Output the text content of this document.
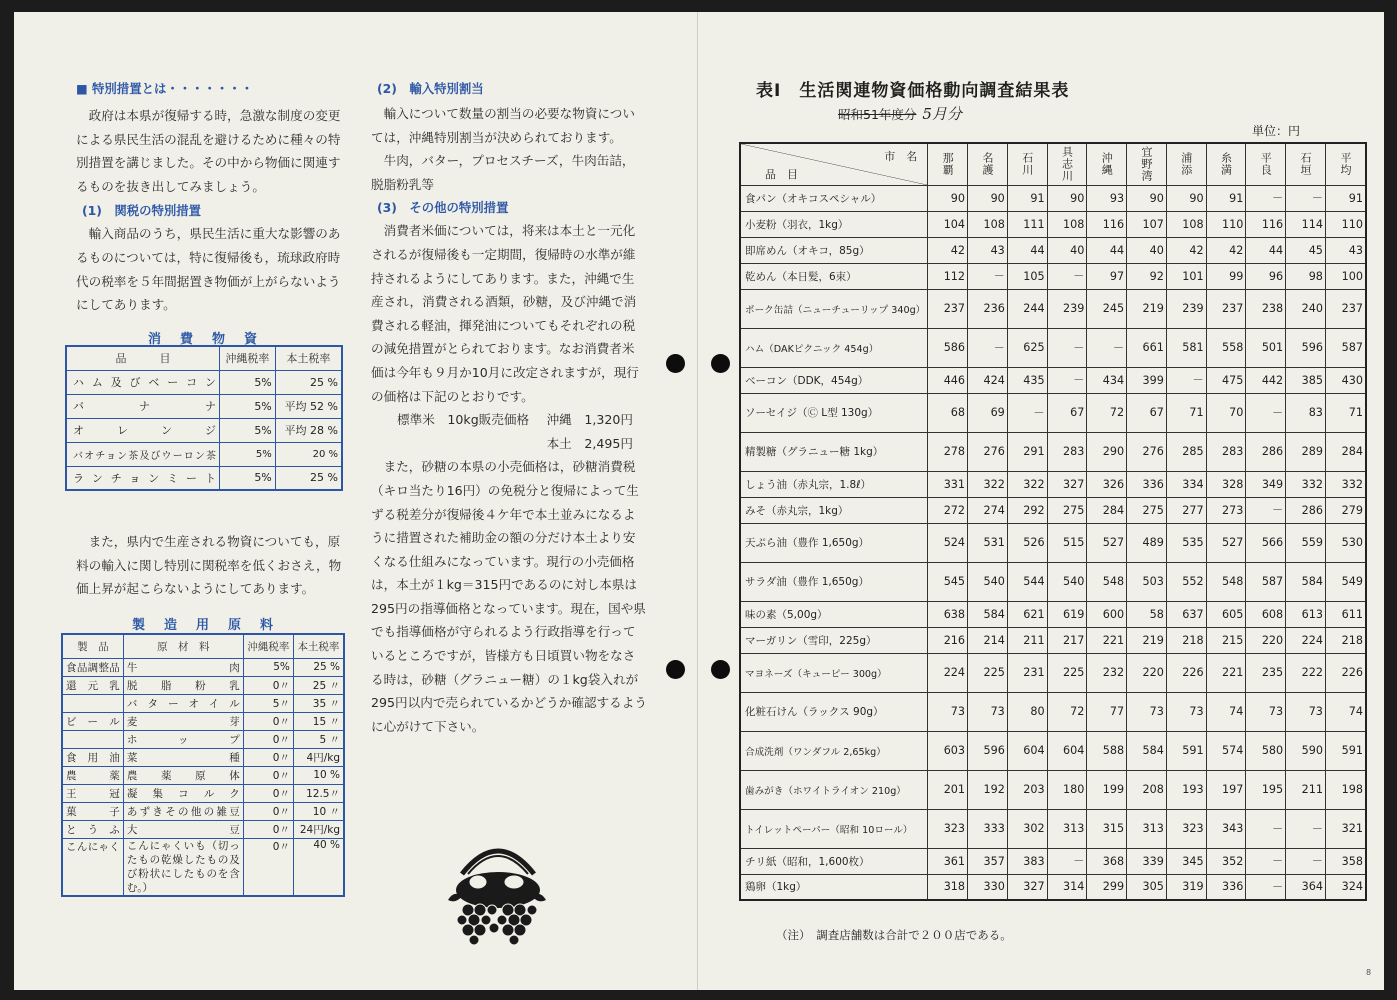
■ 特別措置とは・・・・・・・

政府は本県が復帰する時，急激な制度の変更による県民生活の混乱を避けるために種々の特別措置を講じました。その中から物価に関連するものを抜き出してみましょう。

(1)　関税の特別措置

輸入商品のうち，県民生活に重大な影響のあるものについては，特に復帰後も，琉球政府時代の税率を５年間据置き物価が上がらないようにしてあります。

消　費　物　資
品　　　目	沖縄税率	本土税率
ハム及びベーコン	5%	25 %
バナナ	5%	平均 52 %
オレンジ	5%	平均 28 %
バオチョン茶及びウーロン茶	5%	20 %
ランチョンミート	5%	25 %

また，県内で生産される物資についても，原料の輸入に関し特別に関税率を低くおさえ，物価上昇が起こらないようにしてあります。

製　造　用　原　料
製　品	原　材　料	沖縄税率	本土税率
食品調整品	牛肉	5%	25 %
還元乳	脱脂粉乳	0〃	25 〃
	バターオイル	5〃	35 〃
ビール	麦芽	0〃	15 〃
	ホップ	0〃	5 〃
食用油	菜種	0〃	4円/kg
農薬	農薬原体	0〃	10 %
王冠	凝集コルク	0〃	12.5〃
菓子	あずきその他の雑豆	0〃	10 〃
とうふ	大豆	0〃	24円/kg
こんにゃく	こんにゃくいも（切ったもの乾燥したもの及び粉状にしたものを含む。）	0〃	40 %
(2)　輸入特別割当

輸入について数量の割当の必要な物資については，沖縄特別割当が決められております。

牛肉，バター，プロセスチーズ，牛肉缶詰，脱脂粉乳等

(3)　その他の特別措置

消費者米価については，将来は本土と一元化されるが復帰後も一定期間，復帰時の水準が維持されるようにしてあります。また，沖縄で生産され，消費される酒類，砂糖，及び沖縄で消費される軽油，揮発油についてもそれぞれの税の減免措置がとられております。なお消費者米価は今年も９月か10月に改定されますが，現行の価格は下記のとおりです。

標準米　10kg販売価格 沖縄　1,320円
本土　2,495円

また，砂糖の本県の小売価格は，砂糖消費税（キロ当たり16円）の免税分と復帰によって生ずる税差分が復帰後４ケ年で本土並みになるように措置された補助金の額の分だけ本土より安くなる仕組みになっています。現行の小売価格は，本土が１kg＝315円であるのに対し本県は295円の指導価格となっています。現在，国や県でも指導価格が守られるよう行政指導を行っているところですが，皆様方も日頃買い物をなさる時は，砂糖（グラニュー糖）の１kg袋入れが295円以内で売られているかどうか確認するように心がけて下さい。

表Ⅰ　生活関連物資価格動向調査結果表
昭和51年度分 5月分
単位：円
市　名
品　目	那覇	名護	石川	具志川	沖縄	宜野湾	浦添	糸満	平良	石垣	平均
食パン（オキコスペシャル）	90	90	91	90	93	90	90	91	－	－	91
小麦粉（羽衣，1kg）	104	108	111	108	116	107	108	110	116	114	110
即席めん（オキコ，85g）	42	43	44	40	44	40	42	42	44	45	43
乾めん（本日髪，6束）	112	－	105	－	97	92	101	99	96	98	100
ポーク缶詰（ニューチューリップ 340g）	237	236	244	239	245	219	239	237	238	240	237
ハム（DAKピクニック 454g）	586	－	625	－	－	661	581	558	501	596	587
ベーコン（DDK，454g）	446	424	435	－	434	399	－	475	442	385	430
ソーセイジ（Ⓒ L型 130g）	68	69	－	67	72	67	71	70	－	83	71
精製糖（グラニュー糖 1kg）	278	276	291	283	290	276	285	283	286	289	284
しょう油（赤丸宗，1.8ℓ）	331	322	322	327	326	336	334	328	349	332	332
みそ（赤丸宗，1kg）	272	274	292	275	284	275	277	273	－	286	279
天ぷら油（豊作 1,650g）	524	531	526	515	527	489	535	527	566	559	530
サラダ油（豊作 1,650g）	545	540	544	540	548	503	552	548	587	584	549
味の素（5,00g）	638	584	621	619	600	58	637	605	608	613	611
マーガリン（雪印，225g）	216	214	211	217	221	219	218	215	220	224	218
マヨネーズ（キューピー 300g）	224	225	231	225	232	220	226	221	235	222	226
化粧石けん（ラックス 90g）	73	73	80	72	77	73	73	74	73	73	74
合成洗剤（ワンダフル 2,65kg）	603	596	604	604	588	584	591	574	580	590	591
歯みがき（ホワイトライオン 210g）	201	192	203	180	199	208	193	197	195	211	198
トイレットペーパー（昭和 10ロール）	323	333	302	313	315	313	323	343	－	－	321
チリ紙（昭和，1,600枚）	361	357	383	－	368	339	345	352	－	－	358
鶏卵（1kg）	318	330	327	314	299	305	319	336	－	364	324
（注）　調査店舗数は合計で２００店である。
8
